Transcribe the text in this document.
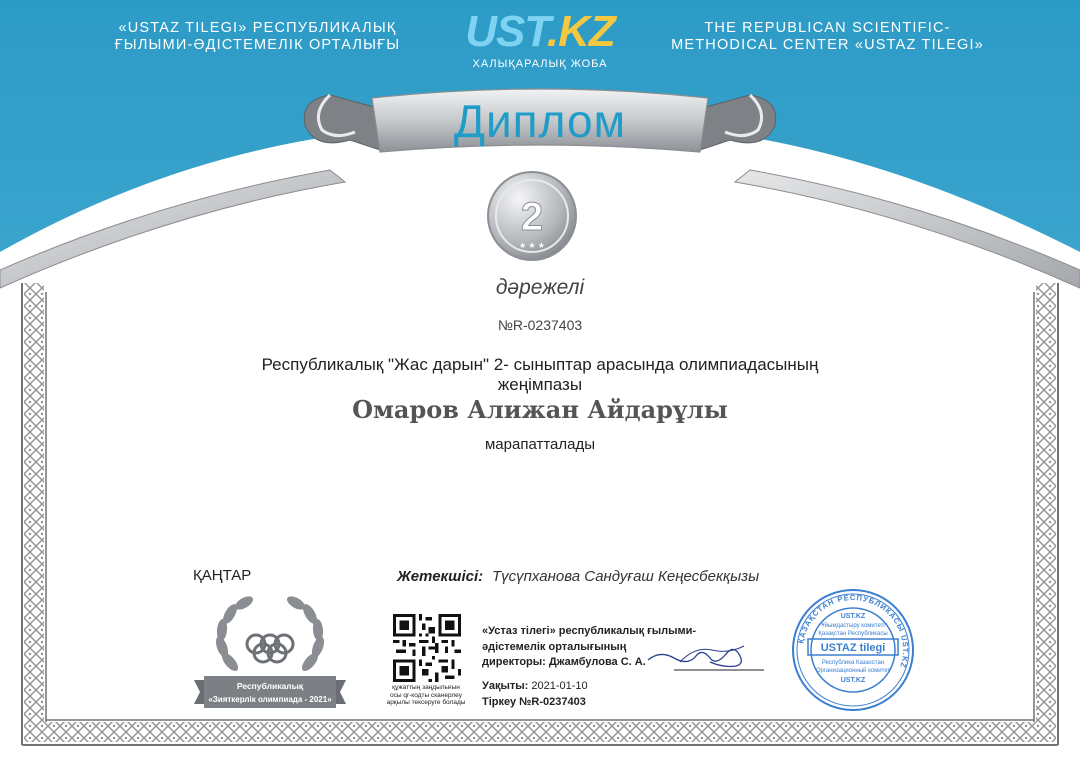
«USTAZ TILEGI» РЕСПУБЛИКАЛЫҚ
ҒЫЛЫМИ-ӘДІСТЕМЕЛІК ОРТАЛЫҒЫ
THE REPUBLICAN SCIENTIFIC-
METHODICAL CENTER «USTAZ TILEGI»
UST.KZ
ХАЛЫҚАРАЛЫҚ ЖОБА
Диплом
2
★ ★ ★
дәрежелі
№R-0237403
Республикалық "Жас дарын" 2- сыныптар арасында олимпиадасының
жеңімпазы
Омаров Алижан Айдарұлы
марапатталады
ҚАҢТАР	Жетекшісі: Түсүпханова Сандуғаш Кеңесбекқызы
Республикалық
«Зияткерлік олимпиада - 2021»
құжаттың заңдылығын
осы qr-кодты сканерлеу
арқылы тексеруге болады
«Устаз тілегі» республикалық ғылыми-
әдістемелік орталығының
директоры: Джамбулова С. А.
Уақыты: 2021-01-10
Тіркеу №R-0237403
ҚАЗАҚСТАН РЕСПУБЛИКАСЫ UST.KZ
UST.KZ
Ұйымдастыру комитеті
Қазақстан Республикасы
USTAZ tilegi
Республика Казахстан
Организационный комитет
UST.KZ
